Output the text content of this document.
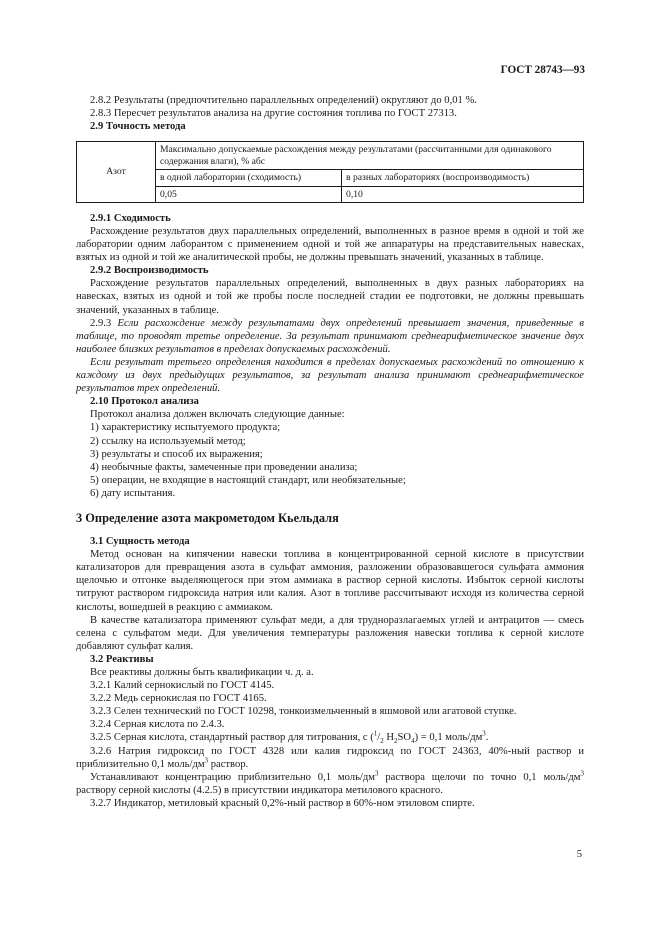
ГОСТ 28743—93

2.8.2 Результаты (предпочтительно параллельных определений) округляют до 0,01 %.

2.8.3 Пересчет результатов анализа на другие состояния топлива по ГОСТ 27313.

2.9 Точность метода

Азот	Максимально допускаемые расхождения между результатами (рассчитанными для одинакового содержания влаги), % абс	
	в одной лаборатории (сходимость)	в разных лабораториях (воспроизводимость)
	0,05	0,10

2.9.1 Сходимость

Расхождение результатов двух параллельных определений, выполненных в разное время в одной и той же лаборатории одним лаборантом с применением одной и той же аппаратуры на представительных навесках, взятых из одной и той же аналитической пробы, не должны превышать значений, указанных в таблице.

2.9.2 Воспроизводимость

Расхождение результатов параллельных определений, выполненных в двух разных лабораториях на навесках, взятых из одной и той же пробы после последней стадии ее подготовки, не должны превышать значений, указанных в таблице.

2.9.3 Если расхождение между результатами двух определений превышает значения, приведенные в таблице, то проводят третье определение. За результат принимают среднеарифметическое значение двух наиболее близких результатов в пределах допускаемых расхождений.

Если результат третьего определения находится в пределах допускаемых расхождений по отношению к каждому из двух предыдущих результатов, за результат анализа принимают среднеарифметическое результатов трех определений.

2.10 Протокол анализа

Протокол анализа должен включать следующие данные:

1) характеристику испытуемого продукта;

2) ссылку на используемый метод;

3) результаты и способ их выражения;

4) необычные факты, замеченные при проведении анализа;

5) операции, не входящие в настоящий стандарт, или необязательные;

6) дату испытания.

3 Определение азота макрометодом Кьельдаля

3.1 Сущность метода

Метод основан на кипячении навески топлива в концентрированной серной кислоте в присутствии катализаторов для превращения азота в сульфат аммония, разложении образовавшегося сульфата аммония щелочью и отгонке выделяющегося при этом аммиака в раствор серной кислоты. Избыток серной кислоты титруют раствором гидроксида натрия или калия. Азот в топливе рассчитывают исходя из количества серной кислоты, вошедшей в реакцию с аммиаком.

В качестве катализатора применяют сульфат меди, а для трудноразлагаемых углей и антрацитов — смесь селена с сульфатом меди. Для увеличения температуры разложения навески топлива к серной кислоте добавляют сульфат калия.

3.2 Реактивы

Все реактивы должны быть квалификации ч. д. а.

3.2.1 Калий сернокислый по ГОСТ 4145.

3.2.2 Медь сернокислая по ГОСТ 4165.

3.2.3 Селен технический по ГОСТ 10298, тонкоизмельченный в яшмовой или агатовой ступке.

3.2.4 Серная кислота по 2.4.3.

3.2.5 Серная кислота, стандартный раствор для титрования, c ($^1/_2$ $H_2SO_4) = 0,1$ моль/$дм^3$.

3.2.6 Натрия гидроксид по ГОСТ 4328 или калия гидроксид по ГОСТ 24363, 40%-ный раствор и приблизительно 0,1 моль/$дм^3$ раствор.

Устанавливают концентрацию приблизительно 0,1 моль/$дм^3$ раствора щелочи по точно 0,1 моль/$дм^3$ раствору серной кислоты (4.2.5) в присутствии индикатора метилового красного.

3.2.7 Индикатор, метиловый красный 0,2%-ный раствор в 60%-ном этиловом спирте.

5
